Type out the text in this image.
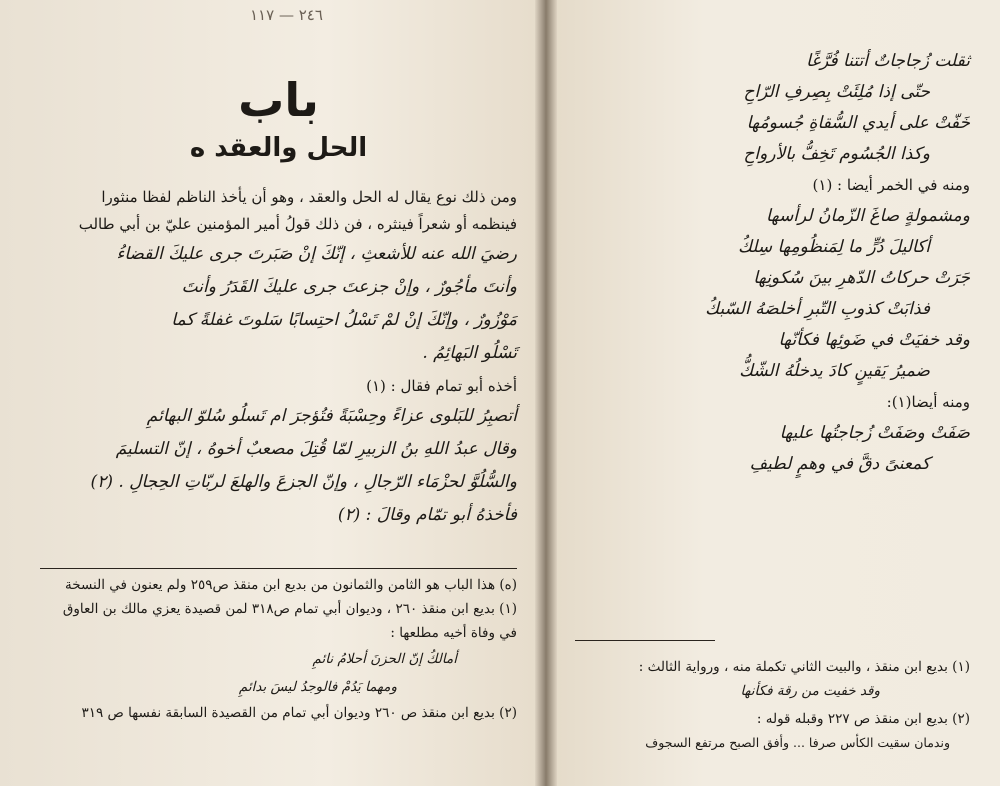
٢٤٦ — ١١٧
باب
الحل والعقد ه

ومن ذلك نوع يقال له الحل والعقد ، وهو أن يأخذ الناظم لفظا منثورا

فينظمه أو شعراً فينثره ، فن ذلك قولُ أمير المؤمنين عليّ بن أبي طالب

رضيَ الله عنه للأشعثِ ، إنّكَ إنْ صَبَرتَ جرى عليكَ القضاءُ

وأنتَ مأجُورٌ ، وإنْ جزعتَ جرى عليكَ القَدَرُ وأنتَ

مَوْزُورٌ ، وإنّكَ إنْ لمْ تَسْلُ احتِسابًا سَلوتَ غفلةً كما

تَسْلُو البَهائِمُ .

أخذه أبو تمام فقال : (١)

أتصبِرُ للبَلوى عزاءً وحِسْبَةً فتُؤجرَ ام تَسلُو سُلوّ البهائمِ

وقال عبدُ اللهِ بنُ الزبيرِ لمّا قُتِلَ مصعبٌ أخوهُ ، إنّ التسليمَ

والسُّلُوَّ لحزْمَاء الرّجالِ ، وإنّ الجزعَ والهلعَ لربّاتِ الحِجالِ . (٢)

فأخذهُ أبو تمّام وقالَ : (٢)

(ه) هذا الباب هو الثامن والثمانون من بديع ابن منقذ ص٢٥٩ ولم يعنون في النسخة

(١) بديع ابن منقذ ٢٦٠ ، وديوان أبي تمام ص٣١٨ لمن قصيدة يعزي مالك بن العاوق

في وفاة أخيه مطلعها :

أمالكُ إنّ الحزنَ أحلامُ نائمِ

ومهما يَدُمْ فالوجدُ ليسَ بدائمِ

(٢) بديع ابن منقذ ص ٢٦٠ وديوان أبي تمام من القصيدة السابقة نفسها ص ٣١٩

ثقلت زُجاجاتٌ أتتنا فُرَّغًا

حتّى إذا مُلِئَتْ بِصِرفِ الرّاحِ

خَفّتْ على أيدي السُّقاةِ جُسومُها

وكذا الجُسُوم تَخِفُّ بالأرواحِ

ومنه في الخمر أيضا : (١)

ومشمولةٍ صاغَ الزّمانُ لرأسها

أكاليلَ دُرٍّ ما لِمَنظُومِها سِلكُ

جَرَتْ حركاتُ الدّهرِ بينَ سُكونِها

فذابَتْ كذوبِ التّبرِ أخلصَهُ السّبكُ

وقد خفيَتْ في ضَوئِها فكأنّها

ضميرُ يَقينٍ كادَ يدخلُهُ الشّكُّ

ومنه أيضا(١):

صَفَتْ وصَفَتْ زُجاجتُها عليها

كمعنىً دقَّ في وهمٍ لطيفِ

(١) بديع ابن منقذ ، والبيت الثاني تكملة منه ، ورواية الثالث :

وقد خفيت من رقة فكأنها

(٢) بديع ابن منقذ ص ٢٢٧ وقبله قوله :

وندمان سقيت الكأس صرفا ... وأفق الصبح مرتفع السجوف
